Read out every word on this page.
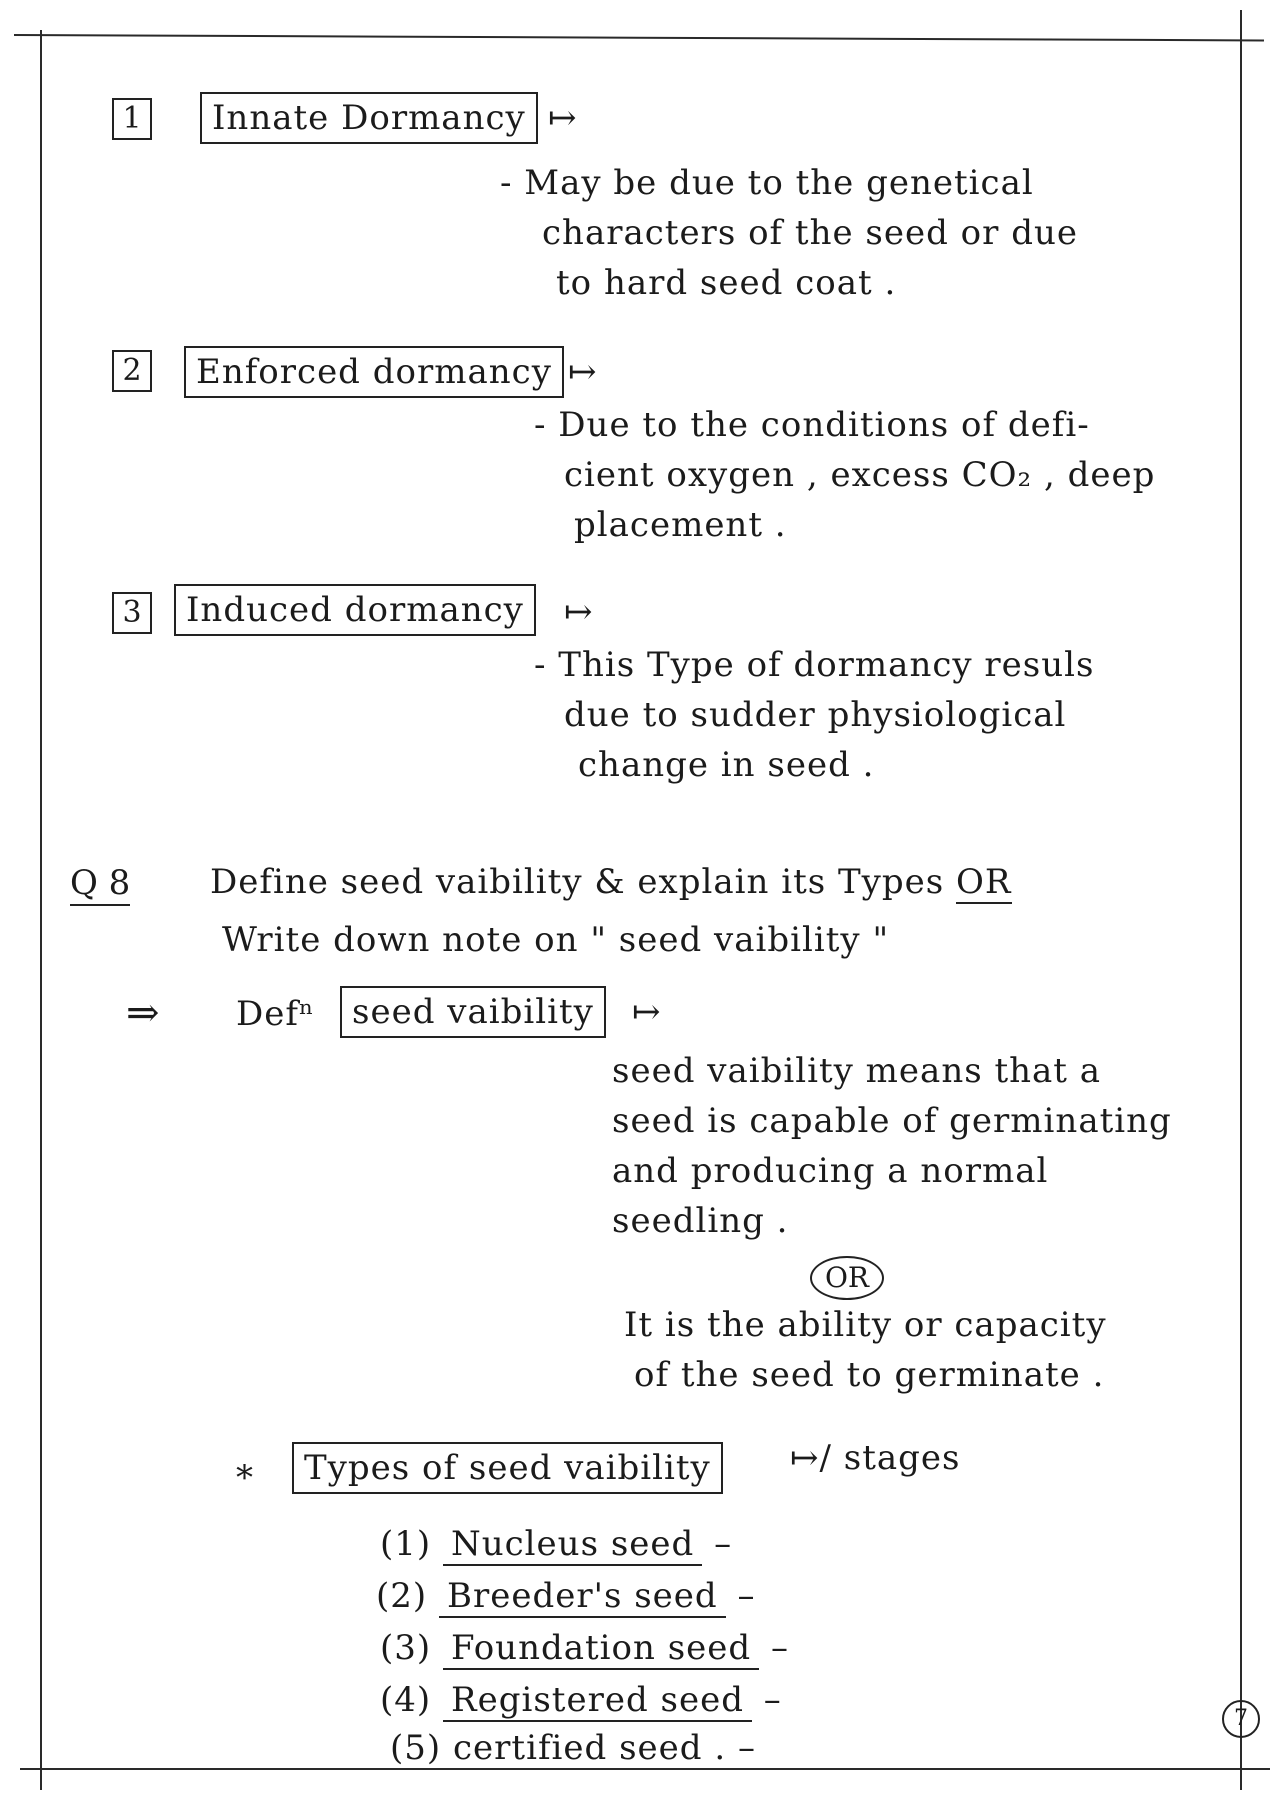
1	Innate Dormancy ↦
- May be due to the genetical
characters of the seed or due
to hard seed coat .
2	Enforced dormancy ↦
- Due to the conditions of defi-
cient oxygen , excess CO₂ , deep
placement .
3	Induced dormancy	↦
- This Type of dormancy resuls
due to sudder physiological
change in seed .
Q 8 Define seed vaibility & explain its Types OR
Write down note on " seed vaibility "
⇒ Defⁿ	seed vaibility	↦
seed vaibility means that a
seed is capable of germinating
and producing a normal
seedling .
OR
It is the ability or capacity
of the seed to germinate .
*	Types of seed vaibility	↦/ stages
(1) Nucleus seed –
(2) Breeder's seed –
(3) Foundation seed –
(4) Registered seed –
(5) certified seed . –
7
